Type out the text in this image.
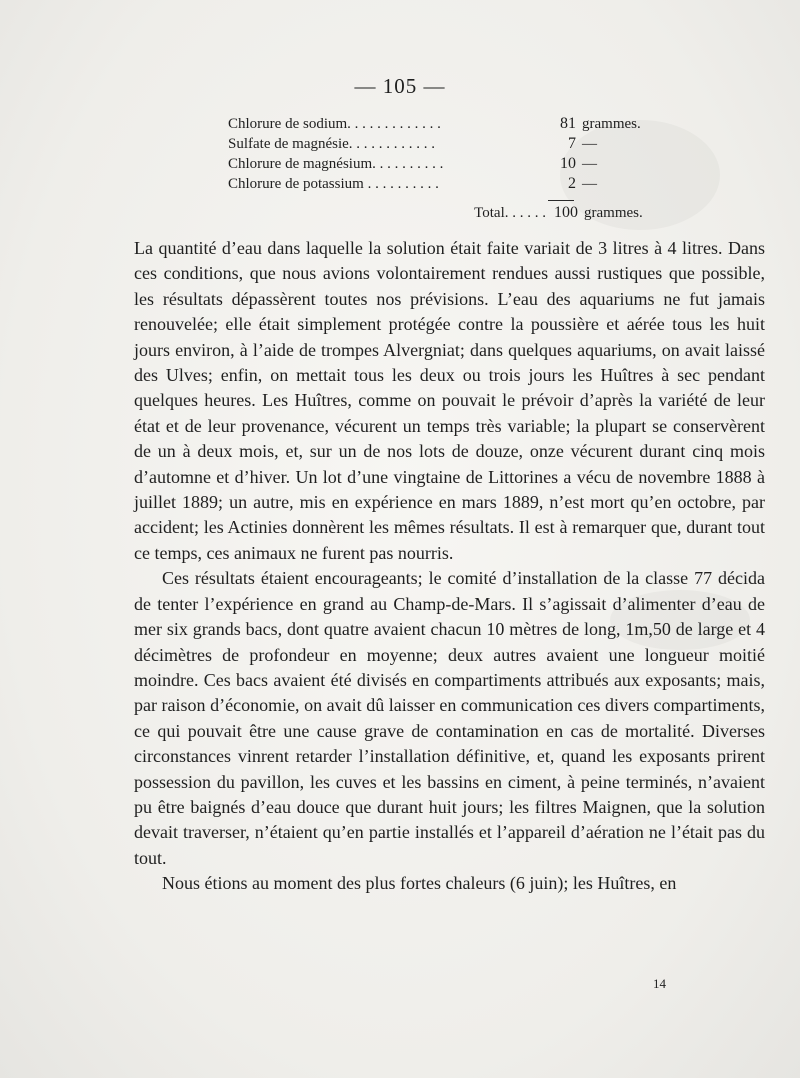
— 105 —
Chlorure de sodium. . . . . . . . . . . . .	81 grammes.
Sulfate de magnésie. . . . . . . . . . . .	7 —
Chlorure de magnésium. . . . . . . . . .	10 —
Chlorure de potassium . . . . . . . . . .	2 —
Total. . . . . . 100 grammes.

La quantité d’eau dans laquelle la solution était faite variait de 3 litres à 4 litres. Dans ces conditions, que nous avions volontairement rendues aussi rustiques que possible, les résultats dépassèrent toutes nos prévisions. L’eau des aquariums ne fut jamais renouvelée; elle était simplement protégée contre la poussière et aérée tous les huit jours environ, à l’aide de trompes Alvergniat; dans quelques aquariums, on avait laissé des Ulves; enfin, on mettait tous les deux ou trois jours les Huîtres à sec pendant quelques heures. Les Huîtres, comme on pouvait le prévoir d’après la variété de leur état et de leur provenance, vécurent un temps très variable; la plupart se conservèrent de un à deux mois, et, sur un de nos lots de douze, onze vécurent durant cinq mois d’automne et d’hiver. Un lot d’une vingtaine de Littorines a vécu de novembre 1888 à juillet 1889; un autre, mis en expérience en mars 1889, n’est mort qu’en octobre, par accident; les Actinies donnèrent les mêmes résultats. Il est à remarquer que, durant tout ce temps, ces animaux ne furent pas nourris.

Ces résultats étaient encourageants; le comité d’installation de la classe 77 décida de tenter l’expérience en grand au Champ-de-Mars. Il s’agissait d’alimenter d’eau de mer six grands bacs, dont quatre avaient chacun 10 mètres de long, 1m,50 de large et 4 décimètres de profondeur en moyenne; deux autres avaient une longueur moitié moindre. Ces bacs avaient été divisés en compartiments attribués aux exposants; mais, par raison d’économie, on avait dû laisser en communication ces divers compartiments, ce qui pouvait être une cause grave de contamination en cas de mortalité. Diverses circonstances vinrent retarder l’installation définitive, et, quand les exposants prirent possession du pavillon, les cuves et les bassins en ciment, à peine terminés, n’avaient pu être baignés d’eau douce que durant huit jours; les filtres Maignen, que la solution devait traverser, n’étaient qu’en partie installés et l’appareil d’aération ne l’était pas du tout.

Nous étions au moment des plus fortes chaleurs (6 juin); les Huîtres, en

14
